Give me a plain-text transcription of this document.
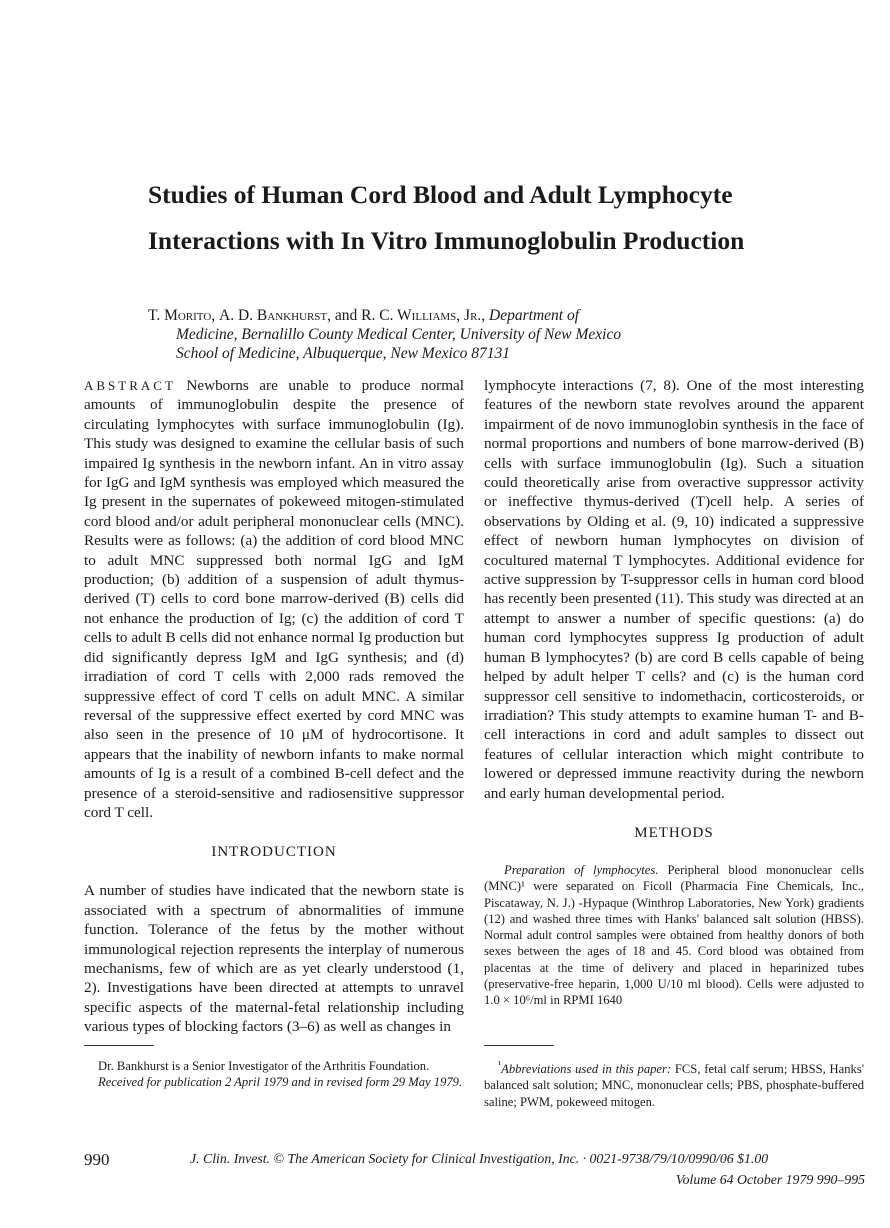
Studies of Human Cord Blood and Adult Lymphocyte Interactions with In Vitro Immunoglobulin Production

T. Morito, A. D. Bankhurst, and R. C. Williams, Jr., Department of
Medicine, Bernalillo County Medical Center, University of New Mexico
School of Medicine, Albuquerque, New Mexico 87131

ABSTRACT Newborns are unable to produce normal amounts of immunoglobulin despite the presence of circulating lymphocytes with surface immunoglobulin (Ig). This study was designed to examine the cellular basis of such impaired Ig synthesis in the newborn infant. An in vitro assay for IgG and IgM synthesis was employed which measured the Ig present in the supernates of pokeweed mitogen-stimulated cord blood and/or adult peripheral mononuclear cells (MNC). Results were as follows: (a) the addition of cord blood MNC to adult MNC suppressed both normal IgG and IgM production; (b) addition of a suspension of adult thymus-derived (T) cells to cord bone marrow-derived (B) cells did not enhance the production of Ig; (c) the addition of cord T cells to adult B cells did not enhance normal Ig production but did significantly depress IgM and IgG synthesis; and (d) irradiation of cord T cells with 2,000 rads removed the suppressive effect of cord T cells on adult MNC. A similar reversal of the suppressive effect exerted by cord MNC was also seen in the presence of 10 μM of hydrocortisone. It appears that the inability of newborn infants to make normal amounts of Ig is a result of a combined B-cell defect and the presence of a steroid-sensitive and radiosensitive suppressor cord T cell.

INTRODUCTION

A number of studies have indicated that the newborn state is associated with a spectrum of abnormalities of immune function. Tolerance of the fetus by the mother without immunological rejection represents the interplay of numerous mechanisms, few of which are as yet clearly understood (1, 2). Investigations have been directed at attempts to unravel specific aspects of the maternal-fetal relationship including various types of blocking factors (3–6) as well as changes in

lymphocyte interactions (7, 8). One of the most interesting features of the newborn state revolves around the apparent impairment of de novo immunoglobin synthesis in the face of normal proportions and numbers of bone marrow-derived (B) cells with surface immunoglobulin (Ig). Such a situation could theoretically arise from overactive suppressor activity or ineffective thymus-derived (T)cell help. A series of observations by Olding et al. (9, 10) indicated a suppressive effect of newborn human lymphocytes on division of cocultured maternal T lymphocytes. Additional evidence for active suppression by T-suppressor cells in human cord blood has recently been presented (11). This study was directed at an attempt to answer a number of specific questions: (a) do human cord lymphocytes suppress Ig production of adult human B lymphocytes? (b) are cord B cells capable of being helped by adult helper T cells? and (c) is the human cord suppressor cell sensitive to indomethacin, corticosteroids, or irradiation? This study attempts to examine human T- and B-cell interactions in cord and adult samples to dissect out features of cellular interaction which might contribute to lowered or depressed immune reactivity during the newborn and early human developmental period.

METHODS

Preparation of lymphocytes. Peripheral blood mononuclear cells (MNC)¹ were separated on Ficoll (Pharmacia Fine Chemicals, Inc., Piscataway, N. J.) -Hypaque (Winthrop Laboratories, New York) gradients (12) and washed three times with Hanks' balanced salt solution (HBSS). Normal adult control samples were obtained from healthy donors of both sexes between the ages of 18 and 45. Cord blood was obtained from placentas at the time of delivery and placed in heparinized tubes (preservative-free heparin, 1,000 U/10 ml blood). Cells were adjusted to 1.0 × 10⁶/ml in RPMI 1640

Dr. Bankhurst is a Senior Investigator of the Arthritis Foundation.

Received for publication 2 April 1979 and in revised form 29 May 1979.

$^{^1}$Abbreviations used in this paper: FCS, fetal calf serum; HBSS, Hanks' balanced salt solution; MNC, mononuclear cells; PBS, phosphate-buffered saline; PWM, pokeweed mitogen.

990	J. Clin. Invest. © The American Society for Clinical Investigation, Inc. · 0021-9738/79/10/0990/06 $1.00
Volume 64 October 1979 990–995
